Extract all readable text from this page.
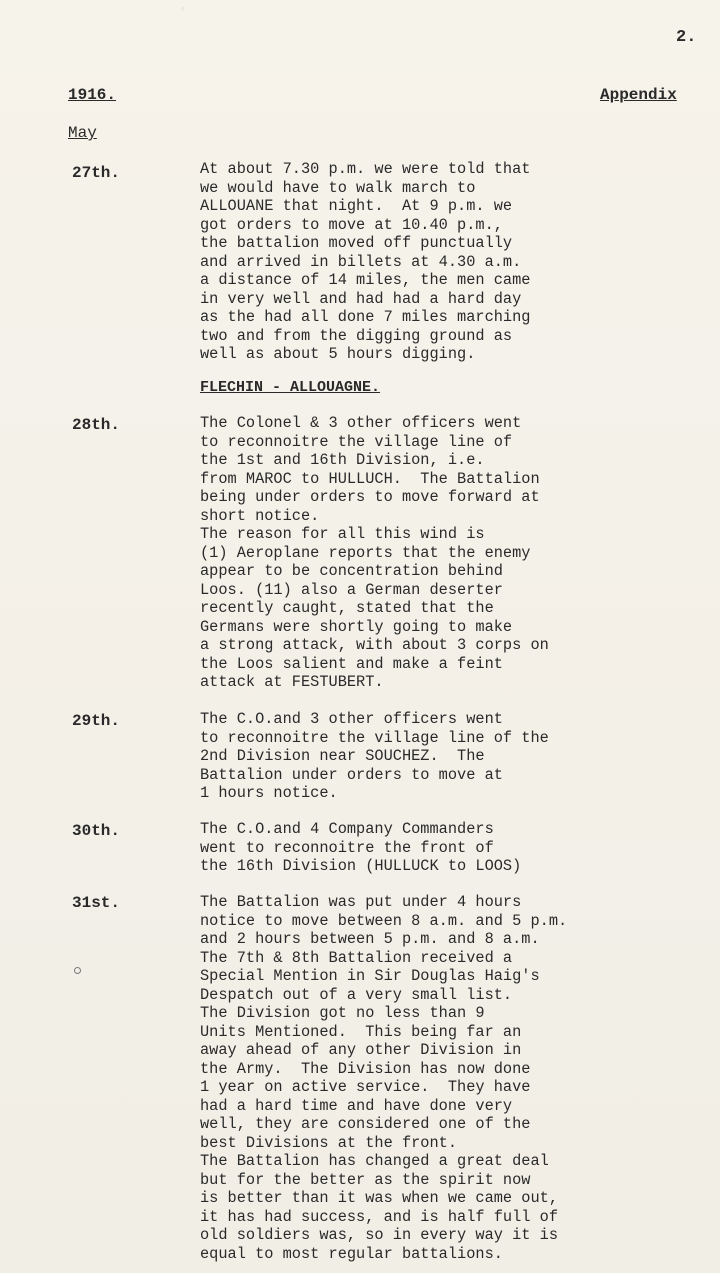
▫
2.
1916.	Appendix
May
27th.	At about 7.30 p.m. we were told that
we would have to walk march to
ALLOUANE that night.  At 9 p.m. we
got orders to move at 10.40 p.m.,
the battalion moved off punctually
and arrived in billets at 4.30 a.m.
a distance of 14 miles, the men came
in very well and had had a hard day
as the had all done 7 miles marching
two and from the digging ground as
well as about 5 hours digging.
FLECHIN - ALLOUAGNE.
28th.	The Colonel & 3 other officers went
to reconnoitre the village line of
the 1st and 16th Division, i.e.
from MAROC to HULLUCH.  The Battalion
being under orders to move forward at
short notice.
The reason for all this wind is
(1) Aeroplane reports that the enemy
appear to be concentration behind
Loos. (11) also a German deserter
recently caught, stated that the
Germans were shortly going to make
a strong attack, with about 3 corps on
the Loos salient and make a feint
attack at FESTUBERT.
29th.	The C.O.and 3 other officers went
to reconnoitre the village line of the
2nd Division near SOUCHEZ.  The
Battalion under orders to move at
1 hours notice.
30th.	The C.O.and 4 Company Commanders
went to reconnoitre the front of
the 16th Division (HULLUCK to LOOS)
31st.	The Battalion was put under 4 hours
notice to move between 8 a.m. and 5 p.m.
and 2 hours between 5 p.m. and 8 a.m.
The 7th & 8th Battalion received a
Special Mention in Sir Douglas Haig's
Despatch out of a very small list.
The Division got no less than 9
Units Mentioned.  This being far an
away ahead of any other Division in
the Army.  The Division has now done
1 year on active service.  They have
had a hard time and have done very
well, they are considered one of the
best Divisions at the front.
The Battalion has changed a great deal
but for the better as the spirit now
is better than it was when we came out,
it has had success, and is half full of
old soldiers was, so in every way it is
equal to most regular battalions.
